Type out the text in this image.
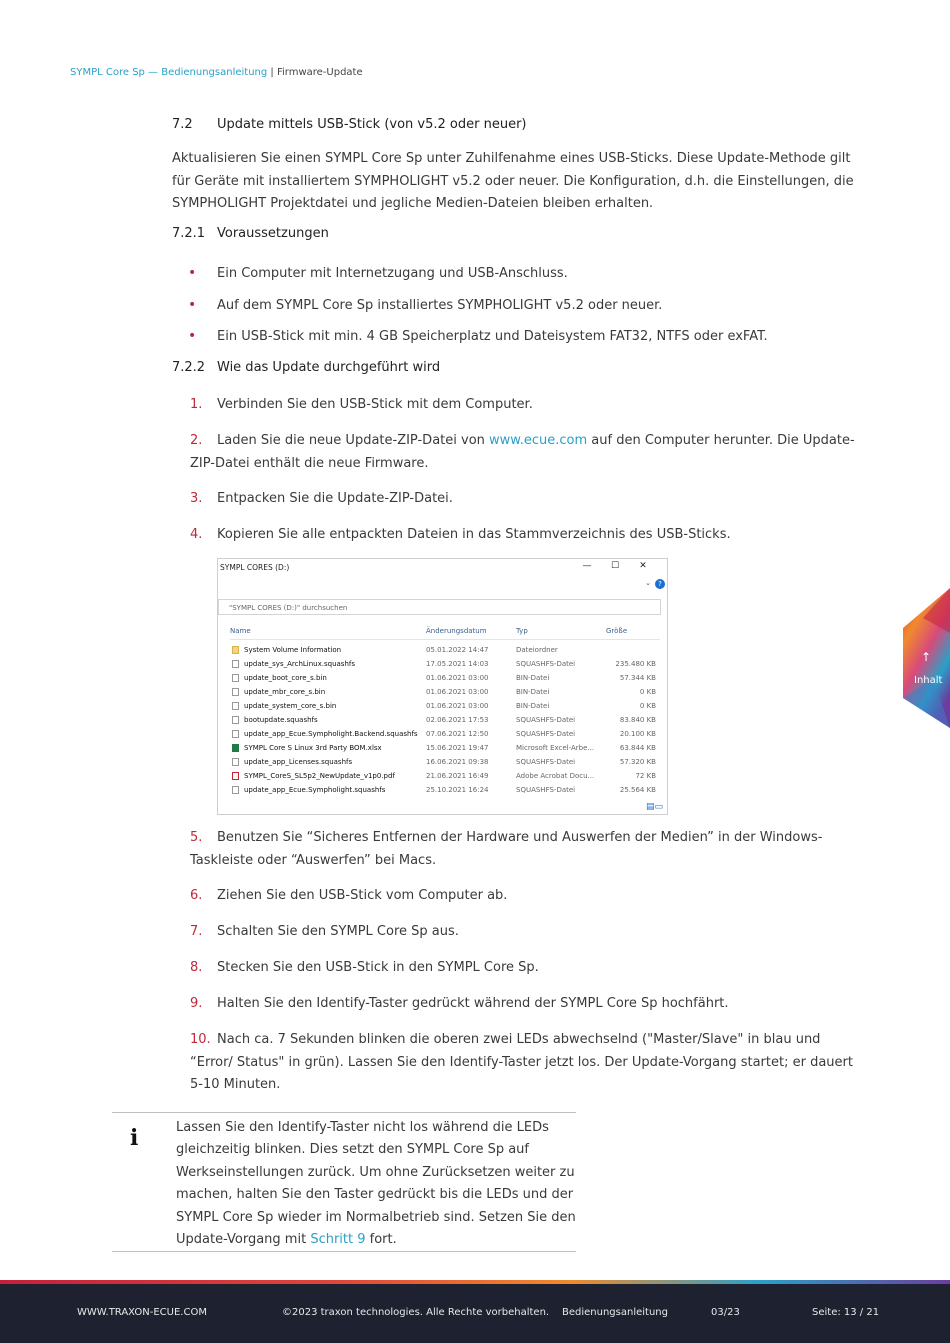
SYMPL Core Sp — Bedienungsanleitung | Firmware-Update
7.2 Update mittels USB-Stick (von v5.2 oder neuer)

Aktualisieren Sie einen SYMPL Core Sp unter Zuhilfenahme eines USB-Sticks. Diese Update-Methode gilt für Geräte mit installiertem SYMPHOLIGHT v5.2 oder neuer. Die Konfiguration, d.h. die Einstellungen, die SYMPHOLIGHT Projektdatei und jegliche Medien-Dateien bleiben erhalten.

7.2.1 Voraussetzungen
• Ein Computer mit Internetzugang und USB-Anschluss.
• Auf dem SYMPL Core Sp installiertes SYMPHOLIGHT v5.2 oder neuer.
• Ein USB-Stick mit min. 4 GB Speicherplatz und Dateisystem FAT32, NTFS oder exFAT.
7.2.2 Wie das Update durchgeführt wird
1. Verbinden Sie den USB-Stick mit dem Computer.
2. Laden Sie die neue Update-ZIP-Datei von www.ecue.com auf den Computer herunter. Die Update-ZIP-Datei enthält die neue Firmware.
3. Entpacken Sie die Update-ZIP-Datei.
4. Kopieren Sie alle entpackten Dateien in das Stammverzeichnis des USB-Sticks.
SYMPL CORES (D:)	— ☐ ✕
⌄	?
"SYMPL CORES (D:)" durchsuchen
Name	Änderungsdatum	Typ	Größe
System Volume Information	05.01.2022 14:47	Dateiordner
update_sys_ArchLinux.squashfs	17.05.2021 14:03	SQUASHFS-Datei	235.480 KB
update_boot_core_s.bin	01.06.2021 03:00	BIN-Datei	57.344 KB
update_mbr_core_s.bin	01.06.2021 03:00	BIN-Datei	0 KB
update_system_core_s.bin	01.06.2021 03:00	BIN-Datei	0 KB
bootupdate.squashfs	02.06.2021 17:53	SQUASHFS-Datei	83.840 KB
update_app_Ecue.Sympholight.Backend.squashfs 07.06.2021 12:50	SQUASHFS-Datei	20.100 KB
SYMPL Core S Linux 3rd Party BOM.xlsx	15.06.2021 19:47	Microsoft Excel-Arbe...	63.844 KB
update_app_Licenses.squashfs	16.06.2021 09:38	SQUASHFS-Datei	57.320 KB
SYMPL_CoreS_SL5p2_NewUpdate_v1p0.pdf	21.06.2021 16:49	Adobe Acrobat Docu...	72 KB
update_app_Ecue.Sympholight.squashfs	25.10.2021 16:24	SQUASHFS-Datei	25.564 KB
▤▭
5. Benutzen Sie “Sicheres Entfernen der Hardware und Auswerfen der Medien” in der Windows-Taskleiste oder “Auswerfen” bei Macs.
6. Ziehen Sie den USB-Stick vom Computer ab.
7. Schalten Sie den SYMPL Core Sp aus.
8. Stecken Sie den USB-Stick in den SYMPL Core Sp.
9. Halten Sie den Identify-Taster gedrückt während der SYMPL Core Sp hochfährt.
10. Nach ca. 7 Sekunden blinken die oberen zwei LEDs abwechselnd ("Master/Slave" in blau und “Error/ Status" in grün). Lassen Sie den Identify-Taster jetzt los. Der Update-Vorgang startet; er dauert 5-10 Minuten.
i	Lassen Sie den Identify-Taster nicht los während die LEDs gleichzeitig blinken. Dies setzt den SYMPL Core Sp auf Werkseinstellungen zurück. Um ohne Zurücksetzen weiter zu machen, halten Sie den Taster gedrückt bis die LEDs und der SYMPL Core Sp wieder im Normalbetrieb sind. Setzen Sie den Update-Vorgang mit Schritt 9 fort.

↑
Inhalt
WWW.TRAXON-ECUE.COM	©2023 traxon technologies. Alle Rechte vorbehalten. Bedienungsanleitung	03/23	Seite: 13 / 21
